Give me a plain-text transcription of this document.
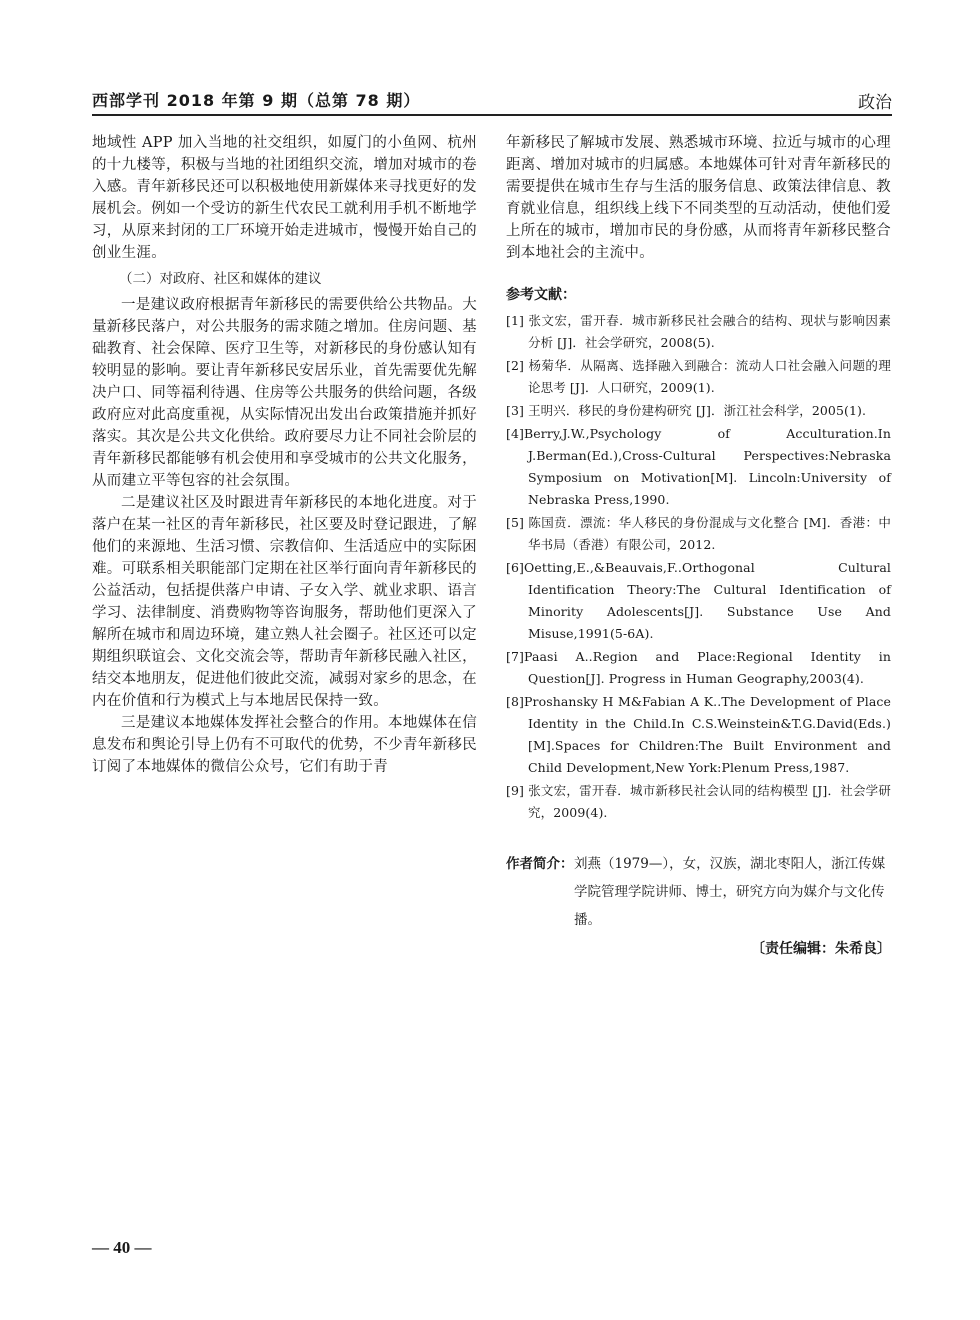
西部学刊 2018 年第 9 期（总第 78 期）	政治

地域性 APP 加入当地的社交组织，如厦门的小鱼网、杭州的十九楼等，积极与当地的社团组织交流，增加对城市的卷入感。青年新移民还可以积极地使用新媒体来寻找更好的发展机会。例如一个受访的新生代农民工就利用手机不断地学习，从原来封闭的工厂环境开始走进城市，慢慢开始自己的创业生涯。

（二）对政府、社区和媒体的建议

一是建议政府根据青年新移民的需要供给公共物品。大量新移民落户，对公共服务的需求随之增加。住房问题、基础教育、社会保障、医疗卫生等，对新移民的身份感认知有较明显的影响。要让青年新移民安居乐业，首先需要优先解决户口、同等福利待遇、住房等公共服务的供给问题，各级政府应对此高度重视，从实际情况出发出台政策措施并抓好落实。其次是公共文化供给。政府要尽力让不同社会阶层的青年新移民都能够有机会使用和享受城市的公共文化服务，从而建立平等包容的社会氛围。

二是建议社区及时跟进青年新移民的本地化进度。对于落户在某一社区的青年新移民，社区要及时登记跟进，了解他们的来源地、生活习惯、宗教信仰、生活适应中的实际困难。可联系相关职能部门定期在社区举行面向青年新移民的公益活动，包括提供落户申请、子女入学、就业求职、语言学习、法律制度、消费购物等咨询服务，帮助他们更深入了解所在城市和周边环境，建立熟人社会圈子。社区还可以定期组织联谊会、文化交流会等，帮助青年新移民融入社区，结交本地朋友，促进他们彼此交流，减弱对家乡的思念，在内在价值和行为模式上与本地居民保持一致。

三是建议本地媒体发挥社会整合的作用。本地媒体在信息发布和舆论引导上仍有不可取代的优势，不少青年新移民订阅了本地媒体的微信公众号，它们有助于青

年新移民了解城市发展、熟悉城市环境、拉近与城市的心理距离、增加对城市的归属感。本地媒体可针对青年新移民的需要提供在城市生存与生活的服务信息、政策法律信息、教育就业信息，组织线上线下不同类型的互动活动，使他们爱上所在的城市，增加市民的身份感，从而将青年新移民整合到本地社会的主流中。

参考文献：
[1] 张文宏，雷开春．城市新移民社会融合的结构、现状与影响因素分析 [J]．社会学研究，2008(5).
[2] 杨菊华．从隔离、选择融入到融合：流动人口社会融入问题的理论思考 [J]．人口研究，2009(1).
[3] 王明兴．移民的身份建构研究 [J]．浙江社会科学，2005(1).
[4]Berry,J.W.,Psychology of Acculturation.In J.Berman(Ed.),Cross-Cultural Perspectives:Nebraska Symposium on Motivation[M]. Lincoln:University of Nebraska Press,1990.
[5] 陈国贲．漂流：华人移民的身份混成与文化整合 [M]．香港：中华书局（香港）有限公司，2012.
[6]Oetting,E.,&Beauvais,F..Orthogonal Cultural Identification Theory:The Cultural Identification of Minority Adolescents[J]. Substance Use And Misuse,1991(5-6A).
[7]Paasi A..Region and Place:Regional Identity in Question[J]. Progress in Human Geography,2003(4).
[8]Proshansky H M&Fabian A K..The Development of Place Identity in the Child.In C.S.Weinstein&T.G.David(Eds.) [M].Spaces for Children:The Built Environment and Child Development,New York:Plenum Press,1987.
[9] 张文宏，雷开春．城市新移民社会认同的结构模型 [J]．社会学研究，2009(4).
作者简介： 刘燕（1979—），女，汉族，湖北枣阳人，浙江传媒学院管理学院讲师、博士，研究方向为媒介与文化传播。
〔责任编辑：朱希良〕
— 40 —
